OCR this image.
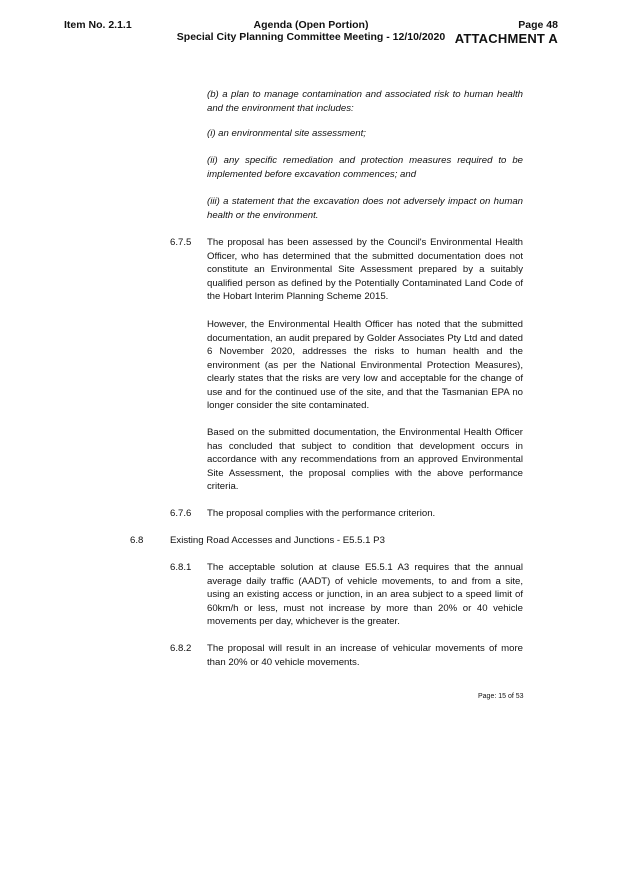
Item No. 2.1.1	Agenda (Open Portion)
Special City Planning Committee Meeting - 12/10/2020
Page 48
ATTACHMENT A
(b) a plan to manage contamination and associated risk to human health and the environment that includes:
(i) an environmental site assessment;
(ii) any specific remediation and protection measures required to be implemented before excavation commences; and
(iii) a statement that the excavation does not adversely impact on human health or the environment.
6.7.5 The proposal has been assessed by the Council's Environmental Health Officer, who has determined that the submitted documentation does not constitute an Environmental Site Assessment prepared by a suitably qualified person as defined by the Potentially Contaminated Land Code of the Hobart Interim Planning Scheme 2015.
However, the Environmental Health Officer has noted that the submitted documentation, an audit prepared by Golder Associates Pty Ltd and dated 6 November 2020, addresses the risks to human health and the environment (as per the National Environmental Protection Measures), clearly states that the risks are very low and acceptable for the change of use and for the continued use of the site, and that the Tasmanian EPA no longer consider the site contaminated.
Based on the submitted documentation, the Environmental Health Officer has concluded that subject to condition that development occurs in accordance with any recommendations from an approved Environmental Site Assessment, the proposal complies with the above performance criteria.
6.7.6 The proposal complies with the performance criterion.
6.8	Existing Road Accesses and Junctions - E5.5.1 P3
6.8.1 The acceptable solution at clause E5.5.1 A3 requires that the annual average daily traffic (AADT) of vehicle movements, to and from a site, using an existing access or junction, in an area subject to a speed limit of 60km/h or less, must not increase by more than 20% or 40 vehicle movements per day, whichever is the greater.
6.8.2 The proposal will result in an increase of vehicular movements of more than 20% or 40 vehicle movements.
Page: 15 of 53
